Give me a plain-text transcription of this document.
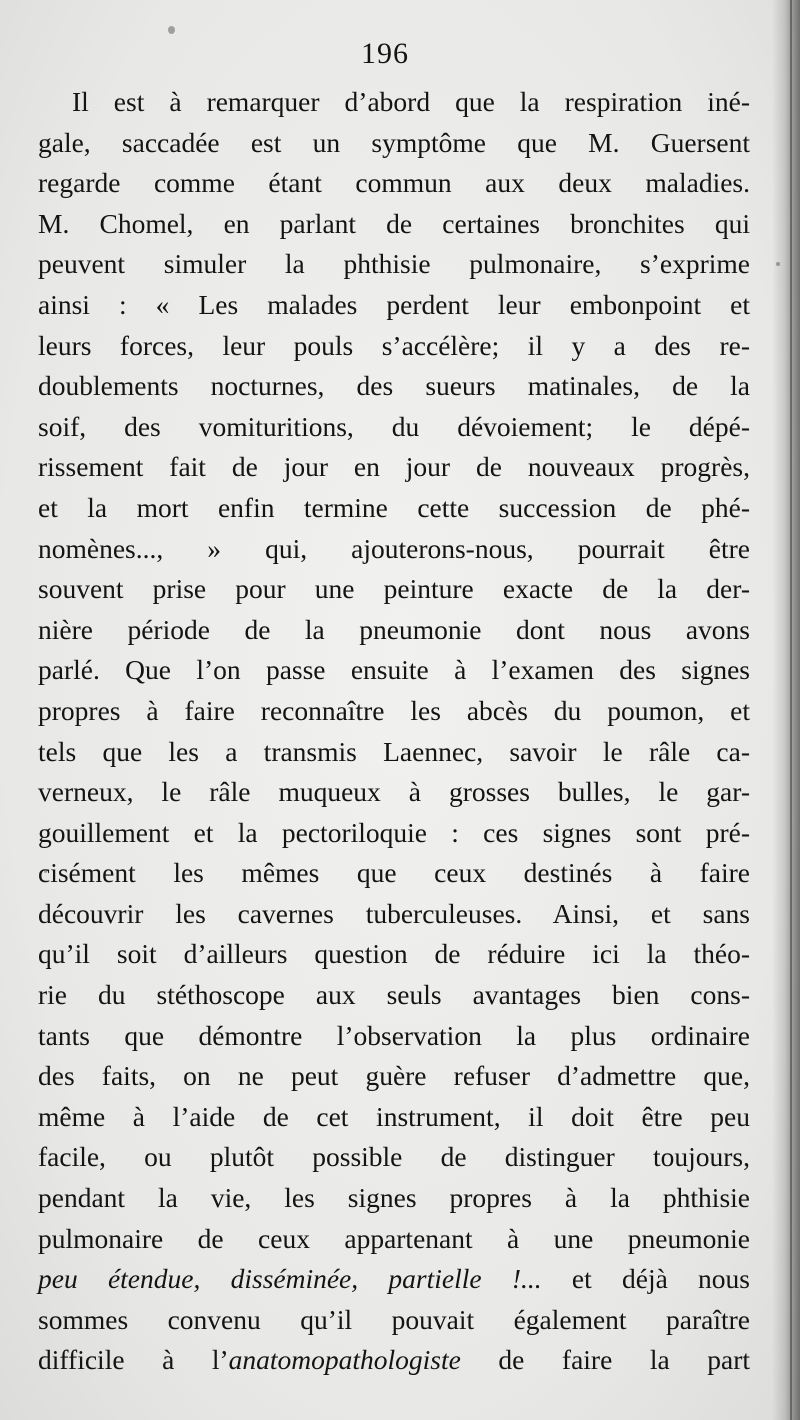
196
Il est à remarquer d’abord que la respiration iné-
gale, saccadée est un symptôme que M. Guersent
regarde comme étant commun aux deux maladies.
M. Chomel, en parlant de certaines bronchites qui
peuvent simuler la phthisie pulmonaire, s’exprime
ainsi : « Les malades perdent leur embonpoint et
leurs forces, leur pouls s’accélère; il y a des re-
doublements nocturnes, des sueurs matinales, de la
soif, des vomituritions, du dévoiement; le dépé-
rissement fait de jour en jour de nouveaux progrès,
et la mort enfin termine cette succession de phé-
nomènes..., » qui, ajouterons-nous, pourrait être
souvent prise pour une peinture exacte de la der-
nière période de la pneumonie dont nous avons
parlé. Que l’on passe ensuite à l’examen des signes
propres à faire reconnaître les abcès du poumon, et
tels que les a transmis Laennec, savoir le râle ca-
verneux, le râle muqueux à grosses bulles, le gar-
gouillement et la pectoriloquie : ces signes sont pré-
cisément les mêmes que ceux destinés à faire
découvrir les cavernes tuberculeuses. Ainsi, et sans
qu’il soit d’ailleurs question de réduire ici la théo-
rie du stéthoscope aux seuls avantages bien cons-
tants que démontre l’observation la plus ordinaire
des faits, on ne peut guère refuser d’admettre que,
même à l’aide de cet instrument, il doit être peu
facile, ou plutôt possible de distinguer toujours,
pendant la vie, les signes propres à la phthisie
pulmonaire de ceux appartenant à une pneumonie
peu étendue, disséminée, partielle !... et déjà nous
sommes convenu qu’il pouvait également paraître
difficile à l’anatomopathologiste de faire la part
